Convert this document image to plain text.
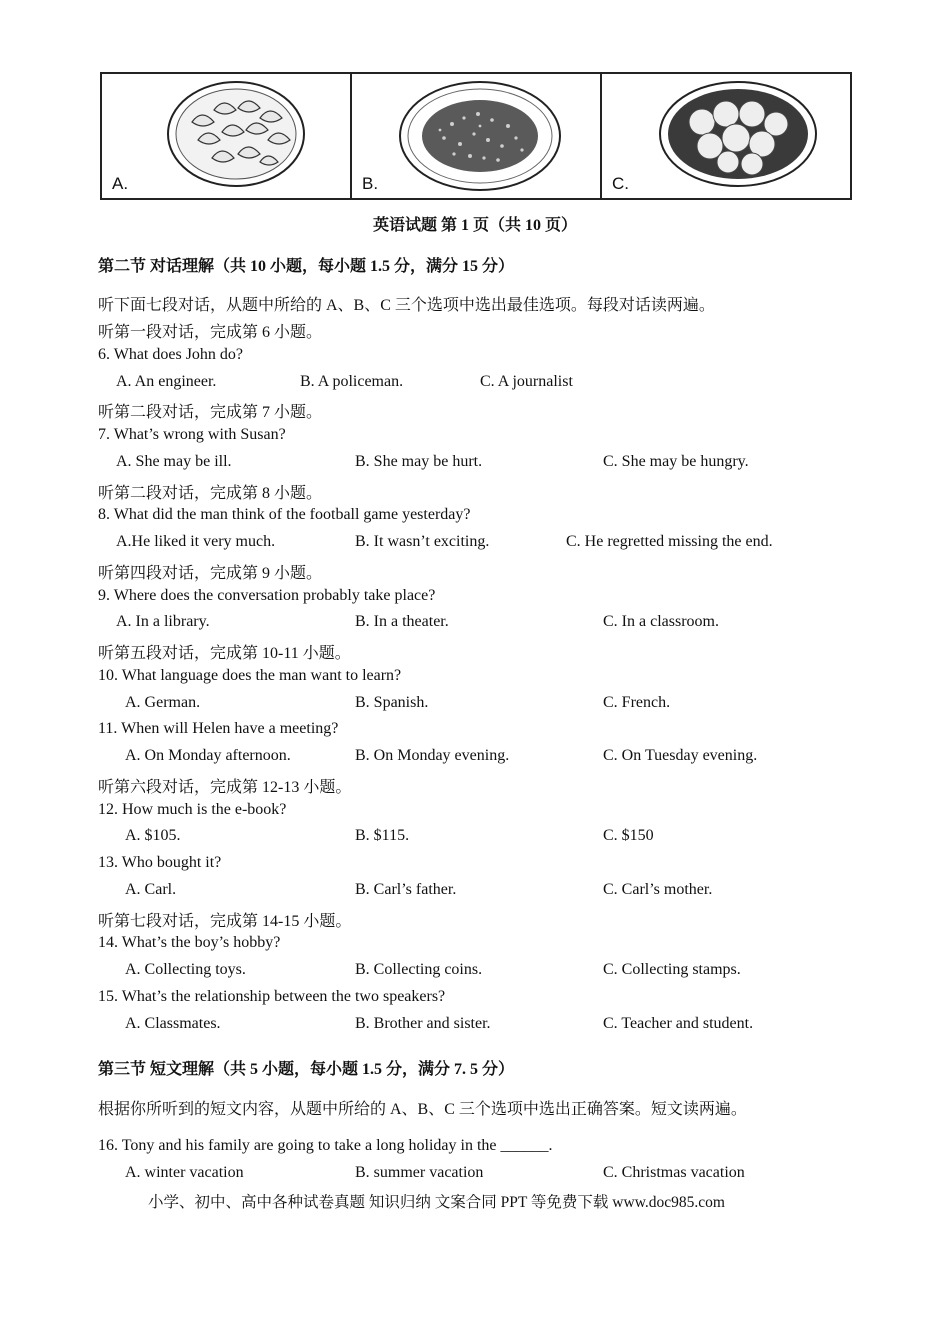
A.	B.	C.
英语试题 第 1 页（共 10 页）
第二节 对话理解（共 10 小题，每小题 1.5 分，满分 15 分）
听下面七段对话，从题中所给的 A、B、C 三个选项中选出最佳选项。每段对话读两遍。
听第一段对话，完成第 6 小题。
6. What does John do?
A. An engineer.	B. A policeman.	C. A journalist
听第二段对话，完成第 7 小题。
7. What’s wrong with Susan?
A. She may be ill.	B. She may be hurt.	C. She may be hungry.
听第二段对话，完成第 8 小题。
8. What did the man think of the football game yesterday?
A.He liked it very much.	B. It wasn’t exciting.	C. He regretted missing the end.
听第四段对话，完成第 9 小题。
9. Where does the conversation probably take place?
A. In a library.	B. In a theater.	C. In a classroom.
听第五段对话，完成第 10-11 小题。
10. What language does the man want to learn?
A. German.	B. Spanish.	C. French.
11. When will Helen have a meeting?
A. On Monday afternoon.	B. On Monday evening.	C. On Tuesday evening.
听第六段对话，完成第 12-13 小题。
12. How much is the e-book?
A. $105.	B. $115.	C. $150
13. Who bought it?
A. Carl.	B. Carl’s father.	C. Carl’s mother.
听第七段对话，完成第 14-15 小题。
14. What’s the boy’s hobby?
A. Collecting toys.	B. Collecting coins.	C. Collecting stamps.
15. What’s the relationship between the two speakers?
A. Classmates.	B. Brother and sister.	C. Teacher and student.
第三节 短文理解（共 5 小题，每小题 1.5 分，满分 7. 5 分）
根据你所听到的短文内容，从题中所给的 A、B、C 三个选项中选出正确答案。短文读两遍。
16. Tony and his family are going to take a long holiday in the ______.
A. winter vacation	B. summer vacation	C. Christmas vacation
小学、初中、高中各种试卷真题 知识归纳 文案合同 PPT 等免费下载 www.doc985.com
